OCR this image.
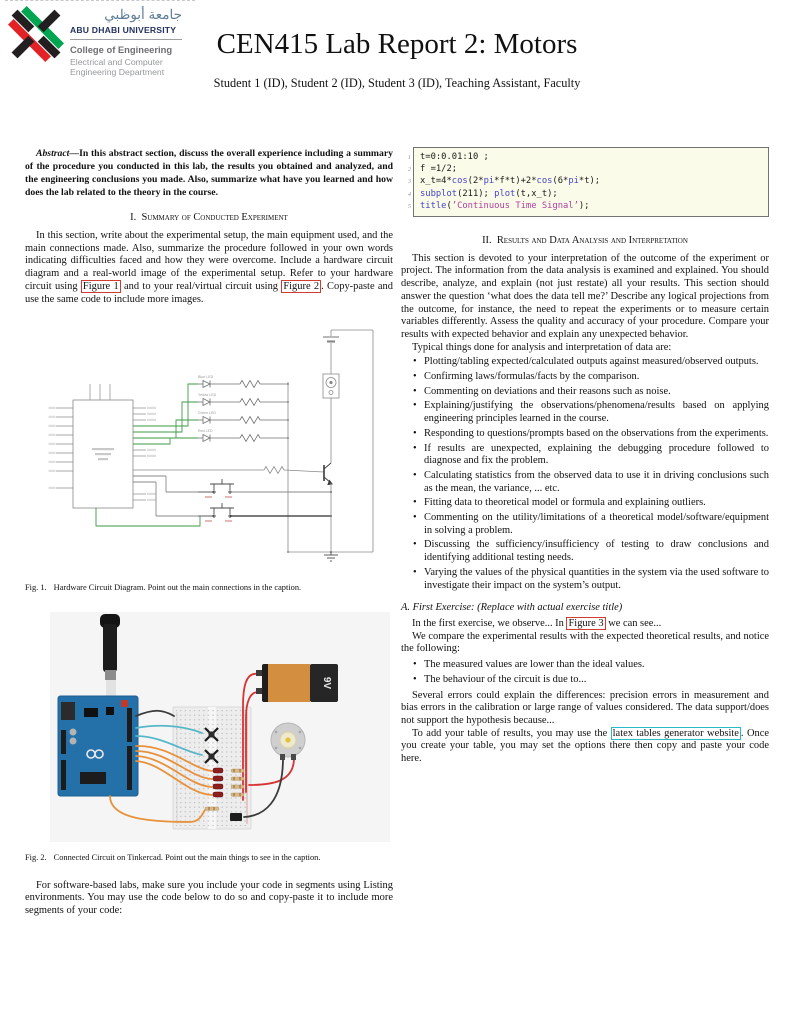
جامعة أبوظبي
ABU DHABI UNIVERSITY
College of Engineering
Electrical and Computer Engineering Department
CEN415 Lab Report 2: Motors
Student 1 (ID), Student 2 (ID), Student 3 (ID), Teaching Assistant, Faculty
Abstract—In this abstract section, discuss the overall experience including a summary of the procedure you conducted in this lab, the results you obtained and analyzed, and the engineering conclusions you made. Also, summarize what have you learned and how does the lab related to the theory in the course.
I. Summary of Conducted Experiment

In this section, write about the experimental setup, the main equipment used, and the main connections made. Also, summarize the procedure followed in your own words indicating difficulties faced and how they were overcome. Include a hardware circuit diagram and a real-world image of the experimental setup. Refer to your hardware circuit using Figure 1 and to your real/virtual circuit using Figure 2 . Copy-paste and use the same code to include more images.

Blue LED
Yellow LED
Green LED
Red LED
Fig. 1. Hardware Circuit Diagram. Point out the main connections in the caption.
9V
Fig. 2. Connected Circuit on Tinkercad. Point out the main things to see in the caption.

For software-based labs, make sure you include your code in segments using Listing environments. You may use the code below to do so and copy-paste it to include more segments of your code:

1 t=0:0.01:10 ;
2 f =1/2;
3 x_t=4*cos(2*pi*f*t)+2*cos(6*pi*t);
4 subplot(211); plot(t,x_t);
5 title(’Continuous Time Signal’);
II. Results and Data Analysis and Interpretation

This section is devoted to your interpretation of the outcome of the experiment or project. The information from the data analysis is examined and explained. You should describe, analyze, and explain (not just restate) all your results. This section should answer the question ‘what does the data tell me?’ Describe any logical projections from the outcome, for instance, the need to repeat the experiments or to measure certain variables differently. Assess the quality and accuracy of your procedure. Compare your results with expected behavior and explain any unexpected behavior.

Typical things done for analysis and interpretation of data are:

• Plotting/tabling expected/calculated outputs against measured/observed outputs.
• Confirming laws/formulas/facts by the comparison.
• Commenting on deviations and their reasons such as noise.
• Explaining/justifying the observations/phenomena/results based on applying engineering principles learned in the course.
• Responding to questions/prompts based on the observations from the experiments.
• If results are unexpected, explaining the debugging procedure followed to diagnose and fix the problem.
• Calculating statistics from the observed data to use it in driving conclusions such as the mean, the variance, ... etc.
• Fitting data to theoretical model or formula and explaining outliers.
• Commenting on the utility/limitations of a theoretical model/software/equipment in solving a problem.
• Discussing the sufficiency/insufficiency of testing to draw conclusions and identifying additional testing needs.
• Varying the values of the physical quantities in the system via the used software to investigate their impact on the system’s output.
A. First Exercise: (Replace with actual exercise title)

In the first exercise, we observe... In Figure 3 we can see...

We compare the experimental results with the expected theoretical results, and notice the following:

• The measured values are lower than the ideal values.
• The behaviour of the circuit is due to...

Several errors could explain the differences: precision errors in measurement and bias errors in the calibration or large range of values considered. The data support/does not support the hypothesis because...

To add your table of results, you may use the latex tables generator website . Once you create your table, you may set the options there then copy and paste your code here.
